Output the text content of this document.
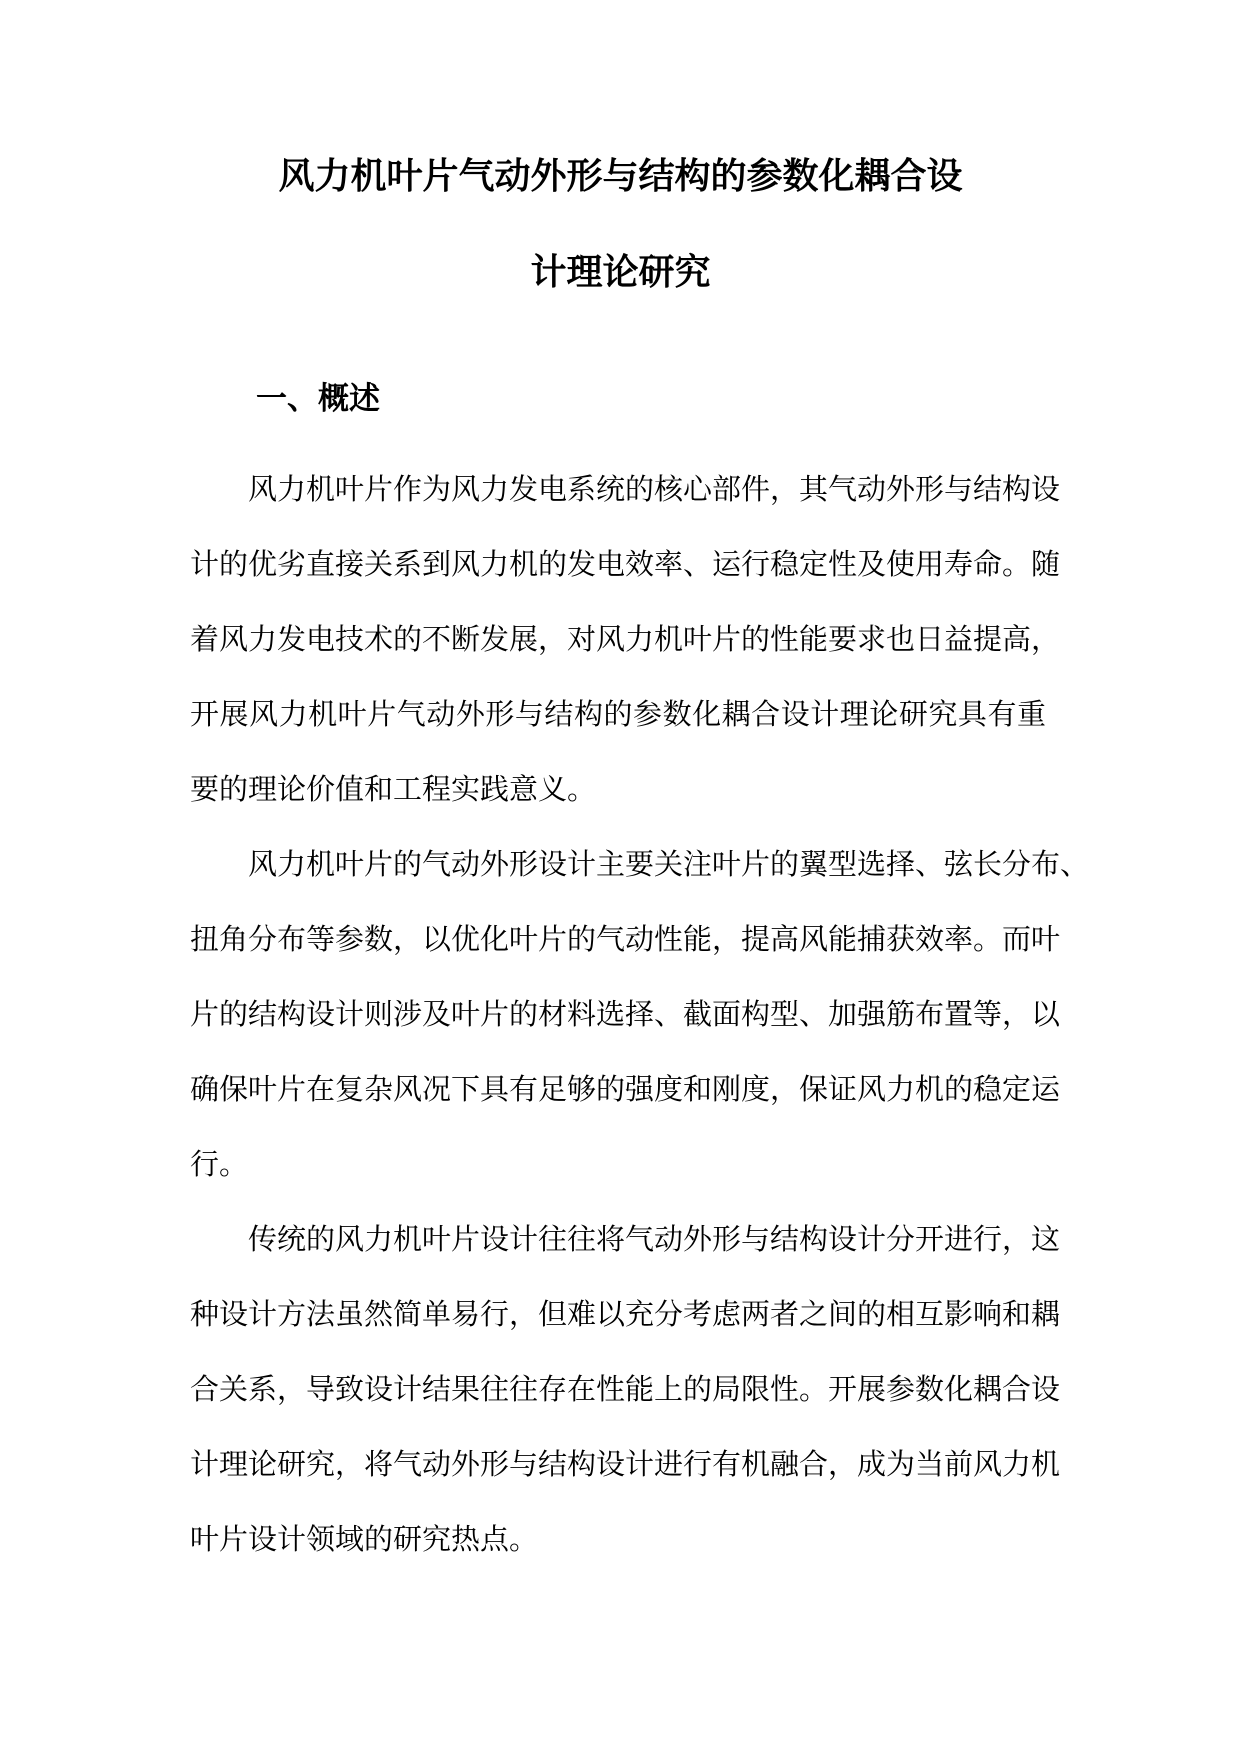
风力机叶片气动外形与结构的参数化耦合设
计理论研究
一、概述
风力机叶片作为风力发电系统的核心部件，其气动外形与结构设
计的优劣直接关系到风力机的发电效率、运行稳定性及使用寿命。随
着风力发电技术的不断发展，对风力机叶片的性能要求也日益提高，
开展风力机叶片气动外形与结构的参数化耦合设计理论研究具有重
要的理论价值和工程实践意义。
风力机叶片的气动外形设计主要关注叶片的翼型选择、弦长分布、
扭角分布等参数，以优化叶片的气动性能，提高风能捕获效率。而叶
片的结构设计则涉及叶片的材料选择、截面构型、加强筋布置等，以
确保叶片在复杂风况下具有足够的强度和刚度，保证风力机的稳定运
行。
传统的风力机叶片设计往往将气动外形与结构设计分开进行，这
种设计方法虽然简单易行，但难以充分考虑两者之间的相互影响和耦
合关系，导致设计结果往往存在性能上的局限性。开展参数化耦合设
计理论研究，将气动外形与结构设计进行有机融合，成为当前风力机
叶片设计领域的研究热点。
